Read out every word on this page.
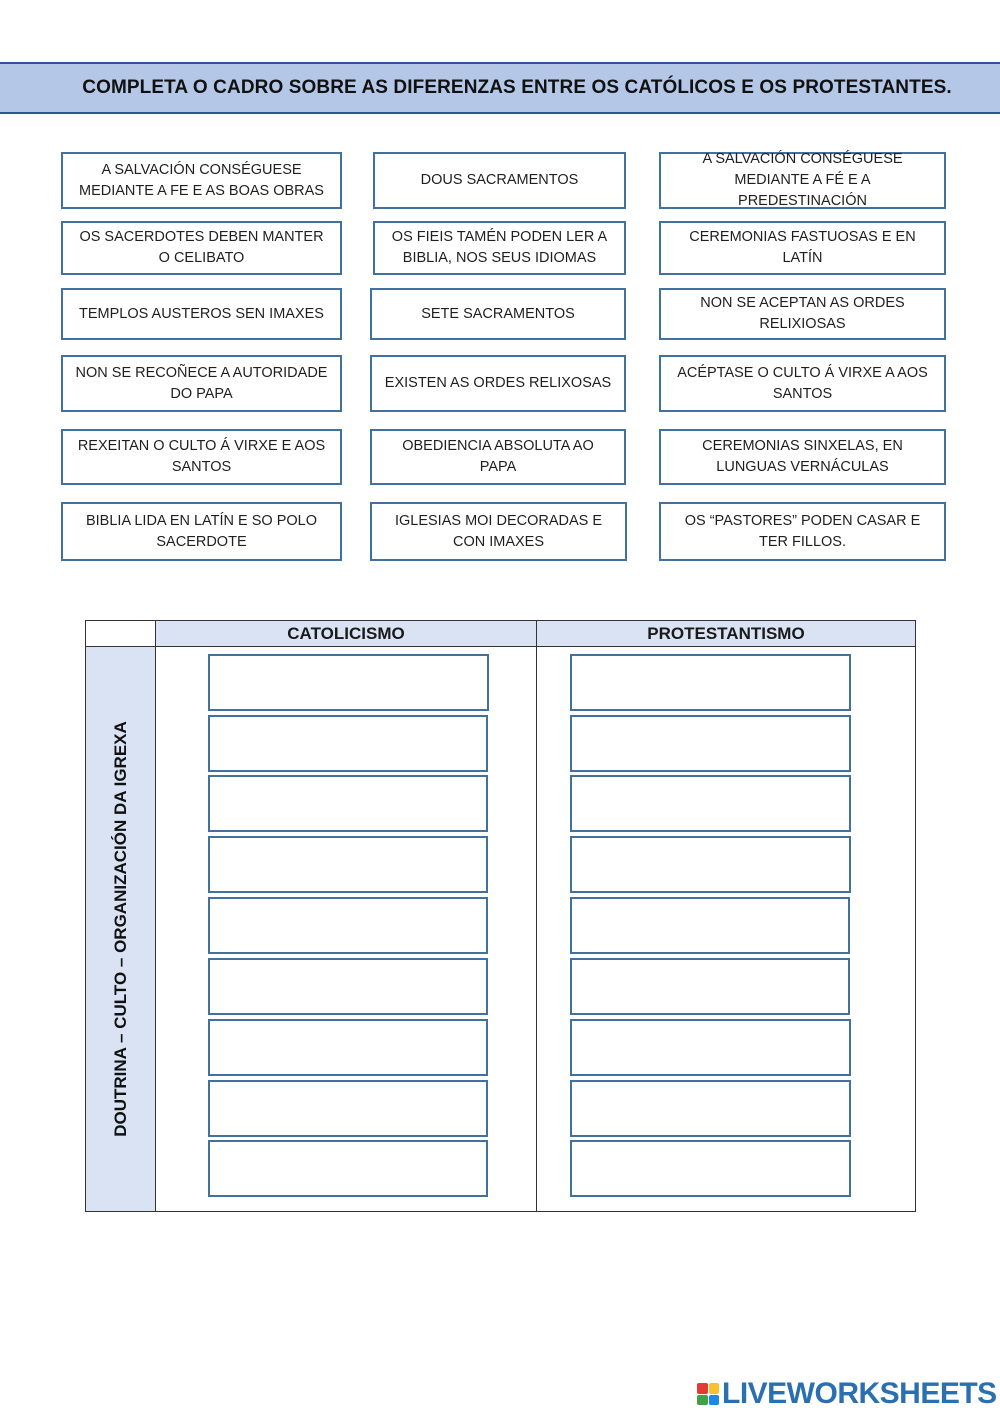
COMPLETA O CADRO SOBRE AS DIFERENZAS ENTRE OS CATÓLICOS E OS PROTESTANTES.
A SALVACIÓN CONSÉGUESE MEDIANTE A FE E AS BOAS OBRAS
DOUS SACRAMENTOS
A SALVACIÓN CONSÉGUESE MEDIANTE A FÉ E A PREDESTINACIÓN
OS SACERDOTES DEBEN MANTER O CELIBATO
OS FIEIS TAMÉN PODEN LER A BIBLIA, NOS SEUS IDIOMAS
CEREMONIAS FASTUOSAS E EN LATÍN
TEMPLOS AUSTEROS SEN IMAXES	SETE SACRAMENTOS
NON SE ACEPTAN AS ORDES RELIXIOSAS
NON SE RECOÑECE A AUTORIDADE DO PAPA
EXISTEN AS ORDES RELIXOSAS
ACÉPTASE O CULTO Á VIRXE A AOS SANTOS
REXEITAN O CULTO Á VIRXE E AOS SANTOS
OBEDIENCIA ABSOLUTA AO PAPA
CEREMONIAS SINXELAS, EN LUNGUAS VERNÁCULAS
BIBLIA LIDA EN LATÍN E SO POLO SACERDOTE
IGLESIAS MOI DECORADAS E CON IMAXES
OS “PASTORES” PODEN CASAR E TER FILLOS.
CATOLICISMO	PROTESTANTISMO
DOUTRINA – CULTO – ORGANIZACIÓN DA IGREXA
LIVEWORKSHEETS
